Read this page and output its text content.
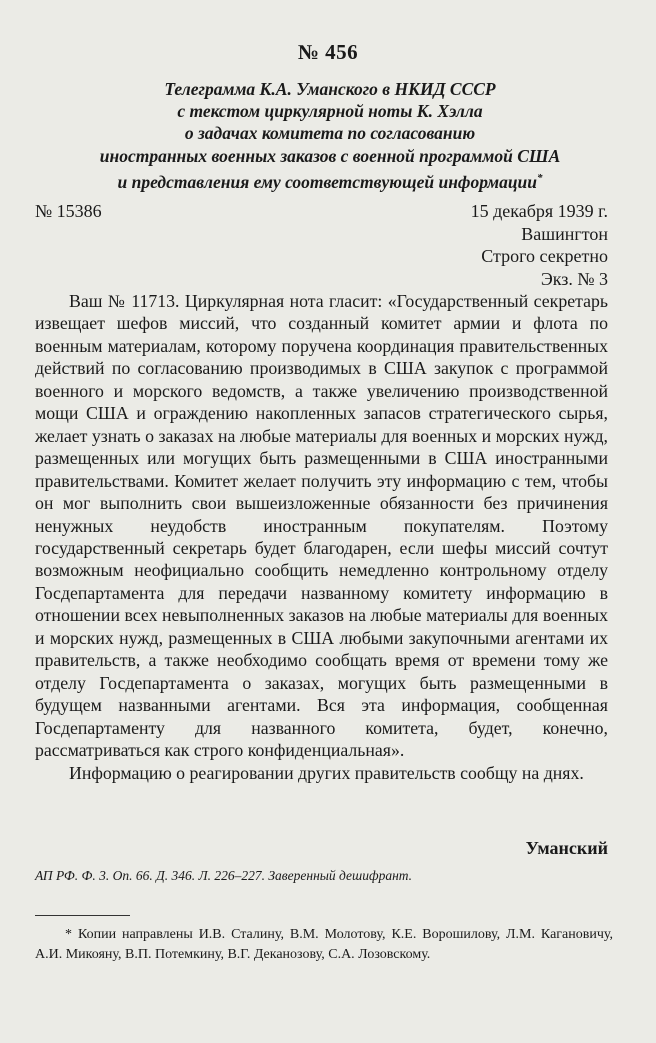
№ 456
Телеграмма К.А. Уманского в НКИД СССР
с текстом циркулярной ноты К. Хэлла
о задачах комитета по согласованию
иностранных военных заказов с военной программой США
и представления ему соответствующей информации*
№ 15386	15 декабря 1939 г.
Вашингтон
Строго секретно
Экз. № 3

Ваш № 11713. Циркулярная нота гласит: «Государственный секретарь извещает шефов миссий, что созданный комитет армии и флота по военным материалам, которому поручена координация правительственных действий по согласованию производимых в США закупок с программой военного и морского ведомств, а также увеличению производственной мощи США и ограждению накопленных запасов стратегического сырья, желает узнать о заказах на любые материалы для военных и морских нужд, размещенных или могущих быть размещенными в США иностранными правительствами. Комитет желает получить эту информацию с тем, чтобы он мог выполнить свои вышеизложенные обязанности без причинения ненужных неудобств иностранным покупателям. Поэтому государственный секретарь будет благодарен, если шефы миссий сочтут возможным неофициально сообщить немедленно контрольному отделу Госдепартамента для передачи названному комитету информацию в отношении всех невыполненных заказов на любые материалы для военных и морских нужд, размещенных в США любыми закупочными агентами их правительств, а также необходимо сообщать время от времени тому же отделу Госдепартамента о заказах, могущих быть размещенными в будущем названными агентами. Вся эта информация, сообщенная Госдепартаменту для названного комитета, будет, конечно, рассматриваться как строго конфиденциальная».

Информацию о реагировании других правительств сообщу на днях.

Уманский
АП РФ. Ф. 3. Оп. 66. Д. 346. Л. 226–227. Заверенный дешифрант.
* Копии направлены И.В. Сталину, В.М. Молотову, К.Е. Ворошилову, Л.М. Кагановичу, А.И. Микояну, В.П. Потемкину, В.Г. Деканозову, С.А. Лозовскому.
